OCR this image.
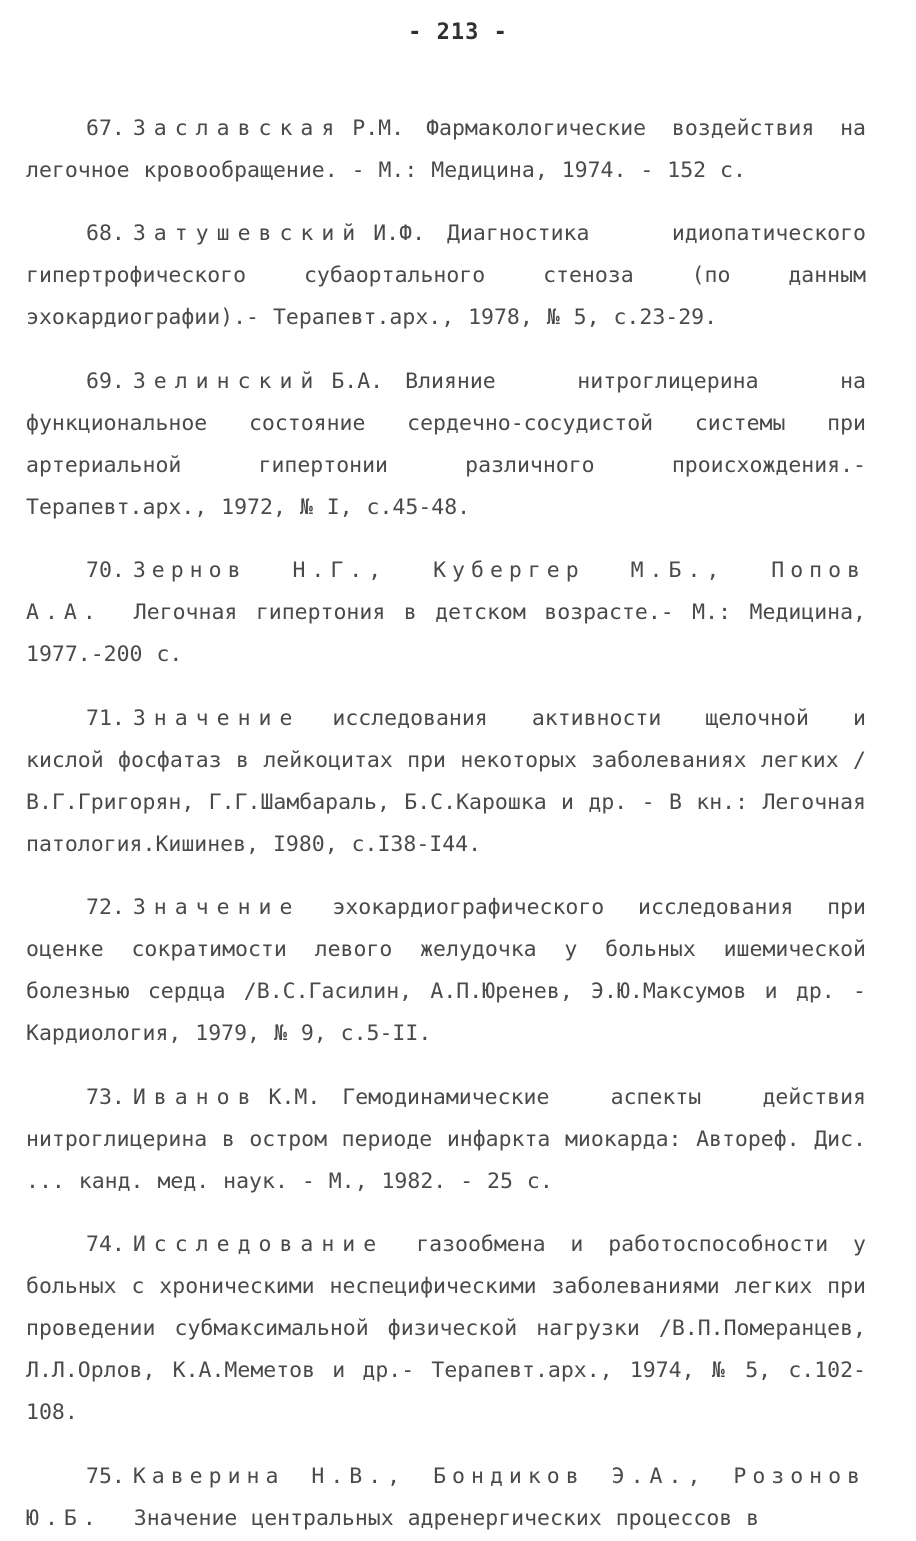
- 213 -

67. Заславская Р.М. Фармакологические воздействия на легочное кровообращение. - М.: Медицина, 1974. - 152 с.

68. Затушевский И.Ф. Диагностика идиопатического гипертрофического субаортального стеноза (по данным эхокардиографии).- Терапевт.арх., 1978, № 5, с.23-29.

69. Зелинский Б.А. Влияние нитроглицерина на функциональное состояние сердечно-сосудистой системы при артериальной гипертонии различного происхождения.- Терапевт.арх., 1972, № I, с.45-48.

70. Зернов Н.Г., Кубергер М.Б., Попов А.А. Легочная гипертония в детском возрасте.- М.: Медицина, 1977.-200 с.

71. Значение исследования активности щелочной и кислой фосфатаз в лейкоцитах при некоторых заболеваниях легких /В.Г.Григорян, Г.Г.Шамбараль, Б.С.Карошка и др. - В кн.: Легочная патология.Кишинев, I980, с.I38-I44.

72. Значение эхокардиографического исследования при оценке сократимости левого желудочка у больных ишемической болезнью сердца /В.С.Гасилин, А.П.Юренев, Э.Ю.Максумов и др. - Кардиология, 1979, № 9, с.5-II.

73. Иванов К.М. Гемодинамические аспекты действия нитроглицерина в остром периоде инфаркта миокарда: Автореф. Дис. ... канд. мед. наук. - М., 1982. - 25 с.

74. Исследование газообмена и работоспособности у больных с хроническими неспецифическими заболеваниями легких при проведении субмаксимальной физической нагрузки /В.П.Померанцев, Л.Л.Орлов, К.А.Меметов и др.- Терапевт.арх., 1974, № 5, с.102-108.

75. Каверина Н.В., Бондиков Э.А., Розонов Ю.Б. Значение центральных адренергических процессов в
